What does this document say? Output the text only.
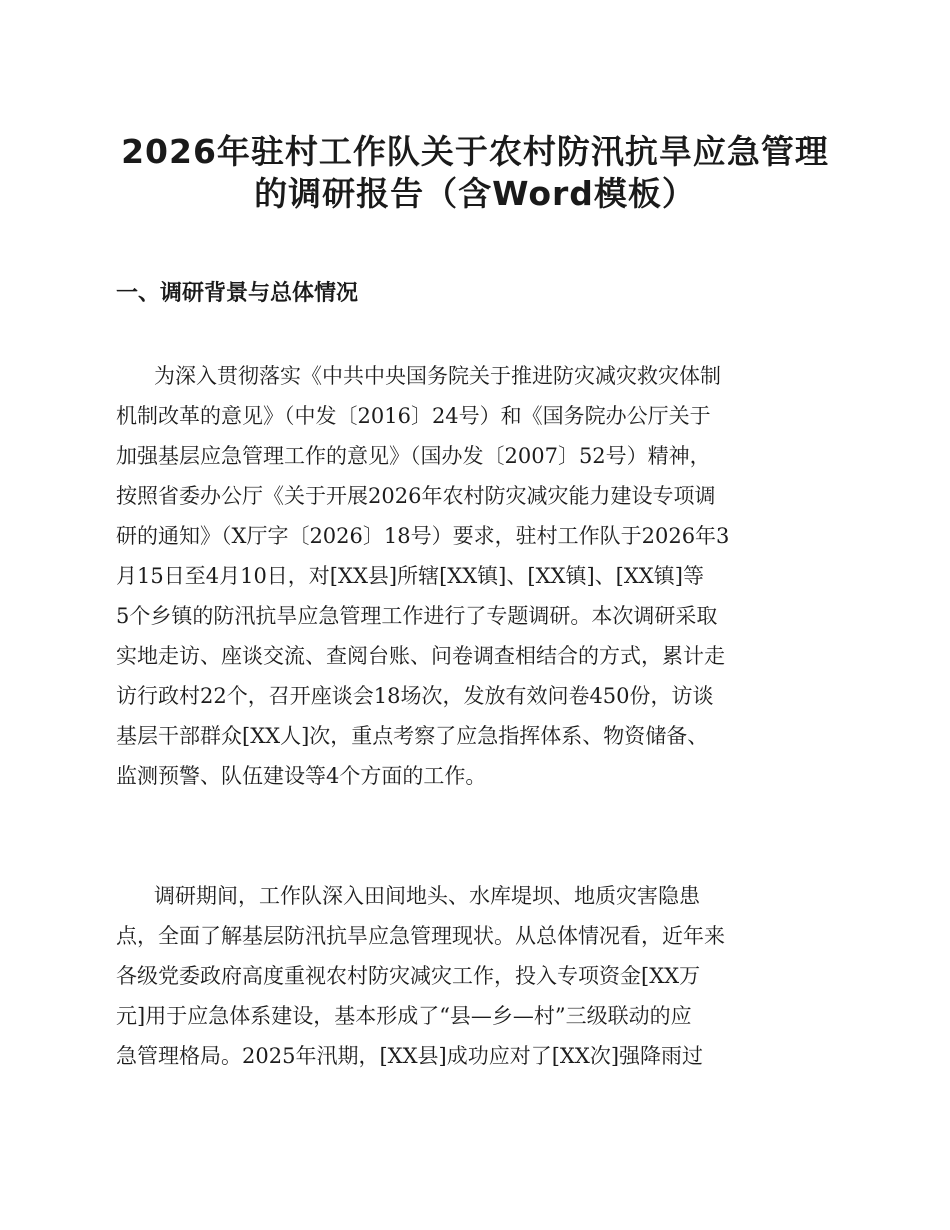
2026年驻村工作队关于农村防汛抗旱应急管理
的调研报告（含Word模板）
一、调研背景与总体情况
为深入贯彻落实《中共中央国务院关于推进防灾减灾救灾体制
机制改革的意见》（中发〔2016〕24号）和《国务院办公厅关于
加强基层应急管理工作的意见》（国办发〔2007〕52号）精神，
按照省委办公厅《关于开展2026年农村防灾减灾能力建设专项调
研的通知》（X厅字〔2026〕18号）要求，驻村工作队于2026年3
月15日至4月10日，对[XX县]所辖[XX镇]、[XX镇]、[XX镇]等
5个乡镇的防汛抗旱应急管理工作进行了专题调研。本次调研采取
实地走访、座谈交流、查阅台账、问卷调查相结合的方式，累计走
访行政村22个，召开座谈会18场次，发放有效问卷450份，访谈
基层干部群众[XX人]次，重点考察了应急指挥体系、物资储备、
监测预警、队伍建设等4个方面的工作。
调研期间，工作队深入田间地头、水库堤坝、地质灾害隐患
点，全面了解基层防汛抗旱应急管理现状。从总体情况看，近年来
各级党委政府高度重视农村防灾减灾工作，投入专项资金[XX万
元]用于应急体系建设，基本形成了“县—乡—村”三级联动的应
急管理格局。2025年汛期，[XX县]成功应对了[XX次]强降雨过
